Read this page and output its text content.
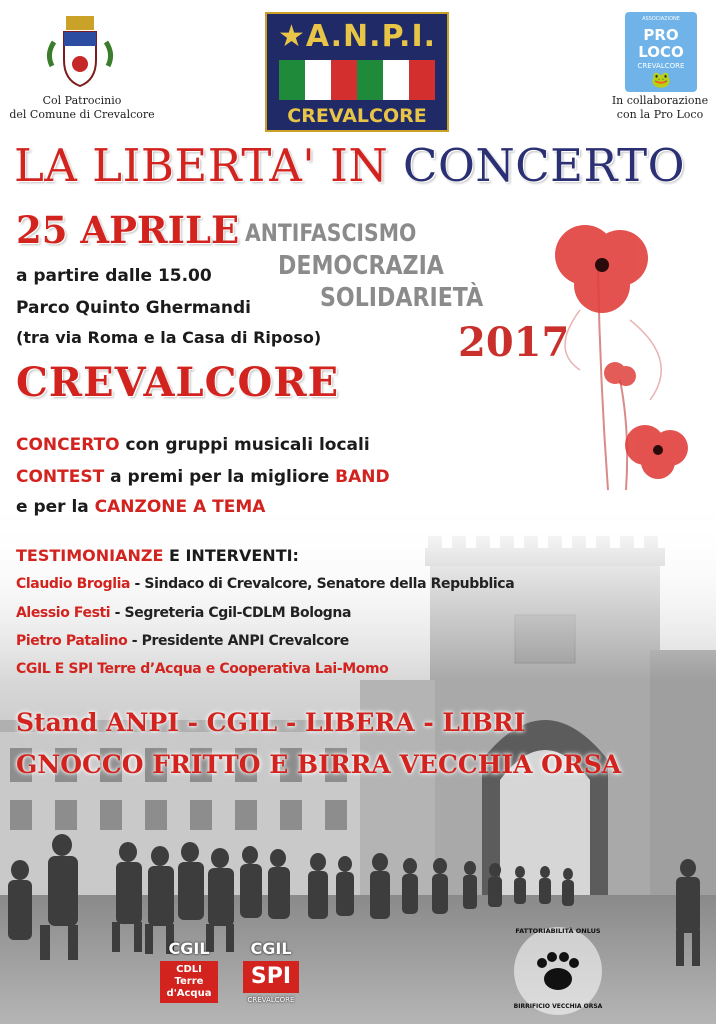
Col Patrocinio
del Comune di Crevalcore
★A.N.P.I.
CREVALCORE
ASSOCIAZIONE
PRO
LOCO
CREVALCORE
🐸
In collaborazione
con la Pro Loco
LA LIBERTA' IN CONCERTO
25 APRILE ANTIFASCISMO
DEMOCRAZIA
SOLIDARIETÀ
2017
a partire dalle 15.00
Parco Quinto Ghermandi
(tra via Roma e la Casa di Riposo)
CREVALCORE
CONCERTO con gruppi musicali locali
CONTEST a premi per la migliore BAND
e per la CANZONE A TEMA
TESTIMONIANZE E INTERVENTI:
Claudio Broglia - Sindaco di Crevalcore, Senatore della Repubblica
Alessio Festi - Segreteria Cgil-CDLM Bologna
Pietro Patalino - Presidente ANPI Crevalcore
CGIL E SPI Terre d’Acqua e Cooperativa Lai-Momo
Stand ANPI - CGIL - LIBERA - LIBRI
GNOCCO FRITTO E BIRRA VECCHIA ORSA
CGIL
CDLI
Terre
d'Acqua
CGIL
SPI
CREVALCORE
FATTORIABILITÀ ONLUS
BIRRIFICIO VECCHIA ORSA
